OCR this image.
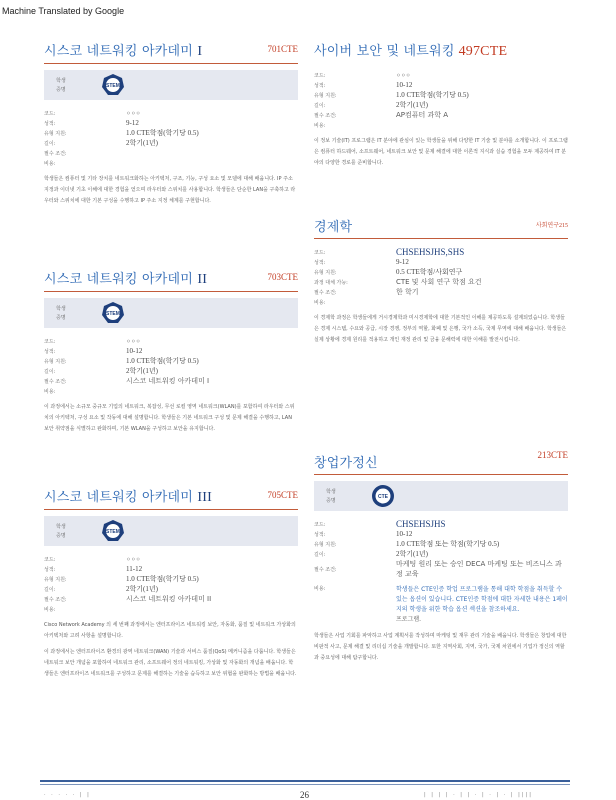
Machine Translated by Google
시스코 네트워킹 아카데미 I	701CTE
학생
증명
STEM
코드:	ㅇㅇㅇ
성적:	9-12
유형 지원:	1.0 CTE학점(학기당 0.5)
길이:	2학기(1년)
필수 조건:	
비용:	

학생들은 컴퓨터 및 기타 장치를 네트워크화하는 아키텍처, 구조, 기능, 구성 요소 및 모델에 대해 배웁니다. IP 주소 지정과 이더넷 기초 이해에 대한 경험을 얻으며 라우터와 스위치를 사용합니다. 학생들은 단순한 LAN을 구축하고 라우터와 스위치에 대한 기본 구성을 수행하고 IP 주소 지정 체계를 구현합니다.

시스코 네트워킹 아카데미 II	703CTE
학생
증명
STEM
코드:	ㅇㅇㅇ
성적:	10-12
유형 지원:	1.0 CTE학점(학기당 0.5)
길이:	2학기(1년)
필수 조건:	시스코 네트워킹 아카데미 I
비용:	

이 과정에서는 소규모 중규모 기업의 네트워크, 복잡성, 무선 로컬 영역 네트워크(WLAN)를 포함하여 라우터와 스위치의 아키텍처, 구성 요소 및 작동에 대해 설명합니다. 학생들은 기본 네트워크 구성 및 문제 해결을 수행하고, LAN 보안 취약점을 식별하고 완화하며, 기본 WLAN을 구성하고 보안을 유지합니다.

시스코 네트워킹 아카데미 III	705CTE
학생
증명
STEM
코드:	ㅇㅇㅇ
성적:	11-12
유형 지원:	1.0 CTE학점(학기당 0.5)
길이:	2학기(1년)
필수 조건:	시스코 네트워킹 아카데미 II
비용:	

Cisco Network Academy 의 세 번째 과정에서는 엔터프라이즈 네트워킹 보안, 자동화, 품질 및 네트워크 가상화의 아키텍처와 고려 사항을 설명합니다.

이 과정에서는 엔터프라이즈 환경의 광역 네트워크(WAN) 기술과 서비스 품질(QoS) 메커니즘을 다룹니다. 학생들은 네트워크 보안 개념을 포함하여 네트워크 관리, 소프트웨어 정의 네트워킹, 가상화 및 자동화의 개념을 배웁니다. 학생들은 엔터프라이즈 네트워크를 구성하고 문제를 해결하는 기술을 습득하고 보안 위협을 완화하는 방법을 배웁니다.

사이버 보안 및 네트워킹 497CTE
코드:	ㅇㅇㅇ
성적:	10-12
유형 지원:	1.0 CTE학점(학기당 0.5)
길이:	2학기(1년)
필수 조건:	AP컴퓨터 과학 A
비용:	

이 정보 기술(IT) 프로그램은 IT 분야에 관심이 있는 학생들을 위해 다양한 IT 기술 및 분야를 소개합니다. 이 프로그램은 컴퓨터 하드웨어, 소프트웨어, 네트워크 보안 및 문제 해결에 대한 이론적 지식과 실습 경험을 모두 제공하여 IT 분야의 다양한 경로를 준비합니다.

경제학	사회연구215
코드:	CHSEHSJHS,SHS
성적:	9-12
유형 지원:	0.5 CTE학점/사회연구
과정 대체 가능:	CTE 및 사회 연구 학점 요건
필수 조건:	한 학기
비용:	

이 경제학 과정은 학생들에게 거시경제학과 미시경제학에 대한 기본적인 이해를 제공하도록 설계되었습니다. 학생들은 경제 시스템, 수요와 공급, 시장 경쟁, 정부의 역할, 화폐 및 은행, 국가 소득, 국제 무역에 대해 배웁니다. 학생들은 실제 상황에 경제 원리를 적용하고 개인 재정 관리 및 금융 문해력에 대한 이해를 발전시킵니다.

창업가정신
213CTE
학생
증명
CTE
코드:	CHSEHSJHS
성적:	10-12
유형 지원:	1.0 CTE학점 또는 학점(학기당 0.5)
길이:	2학기(1년)
필수 조건:	마케팅 원리 또는 승인 DECA 마케팅 또는 비즈니스 과정 교육
비용:	학생들은 CTE인증 학업 프로그램을 통해 대학 학점을 취득할 수 있는 옵션이 있습니다. CTE인증 학점에 대한 자세한 내용은 1페이지의 학생을 위한 학습 옵션 섹션을 참조하세요.
프로그램.

학생들은 사업 기회를 파악하고 사업 계획서를 작성하며 마케팅 및 재무 관리 기술을 배웁니다. 학생들은 창업에 대한 비판적 사고, 문제 해결 및 리더십 기술을 개발합니다. 또한 지역사회, 지역, 국가, 국제 차원에서 기업가 정신의 역할과 중요성에 대해 탐구합니다.

· · · · · | |	26	| | | | · | | · | · | · | ||||
